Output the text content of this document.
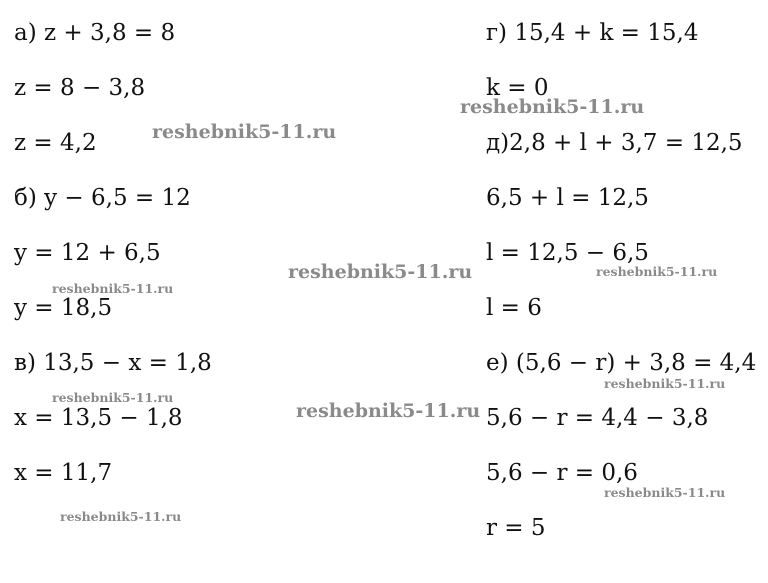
а) z + 3,8 = 8
z = 8 − 3,8
z = 4,2
б) y − 6,5 = 12
y = 12 + 6,5
y = 18,5
в) 13,5 − x = 1,8
x = 13,5 − 1,8
x = 11,7
г) 15,4 + k = 15,4
k = 0
д)2,8 + l + 3,7 = 12,5
6,5 + l = 12,5
l = 12,5 − 6,5
l = 6
е) (5,6 − r) + 3,8 = 4,4
5,6 − r = 4,4 − 3,8
5,6 − r = 0,6
r = 5
reshebnik5-11.ru
reshebnik5-11.ru
reshebnik5-11.ru	reshebnik5-11.ru
reshebnik5-11.ru
reshebnik5-11.ru
reshebnik5-11.ru
reshebnik5-11.ru
reshebnik5-11.ru
reshebnik5-11.ru
